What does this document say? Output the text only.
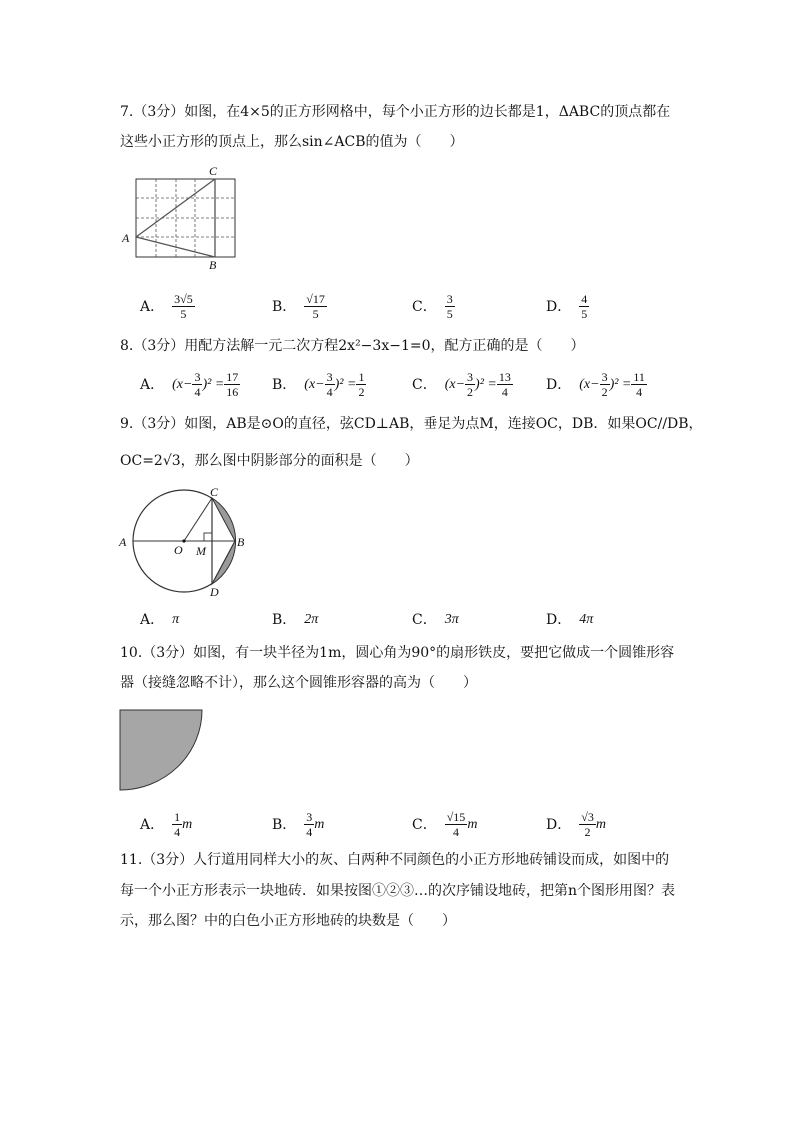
7.（3分）如图，在4×5的正方形网格中，每个小正方形的边长都是1，ΔABC的顶点都在
这些小正方形的顶点上，那么sin∠ACB的值为（　　）
C
A
B
A． $\frac{3√5}{5}$	B． $\frac{√17}{5}$	C． $\frac{3}{5}$	D． $\frac{4}{5}$
8.（3分）用配方法解一元二次方程2x²−3x−1=0，配方正确的是（　　）
A． $(x- \frac{3}{4} )^2 = \frac{17}{16}$ B． $(x- \frac{3}{4} )^2 = \frac{1}{2}$	C． $(x- \frac{3}{2} )^2 = \frac{13}{4}$ D． $(x- \frac{3}{2} )^2 = \frac{11}{4}$
9.（3分）如图，AB是⊙O的直径，弦CD⊥AB，垂足为点M，连接OC，DB．如果OC//DB，
OC=2√3，那么图中阴影部分的面积是（　　）
A
O M
C
B
D
A． π	B． 2π	C． 3π	D． 4π
10.（3分）如图，有一块半径为1m，圆心角为90°的扇形铁皮，要把它做成一个圆锥形容
器（接缝忽略不计），那么这个圆锥形容器的高为（　　）
A． $\frac{1}{4}$ m	B． $\frac{3}{4}$ m	C． $\frac{√15}{4}$ m	D． $\frac{√3}{2}$ m
11.（3分）人行道用同样大小的灰、白两种不同颜色的小正方形地砖铺设而成，如图中的
每一个小正方形表示一块地砖．如果按图①②③…的次序铺设地砖，把第n个图形用图？表
示，那么图？中的白色小正方形地砖的块数是（　　）
